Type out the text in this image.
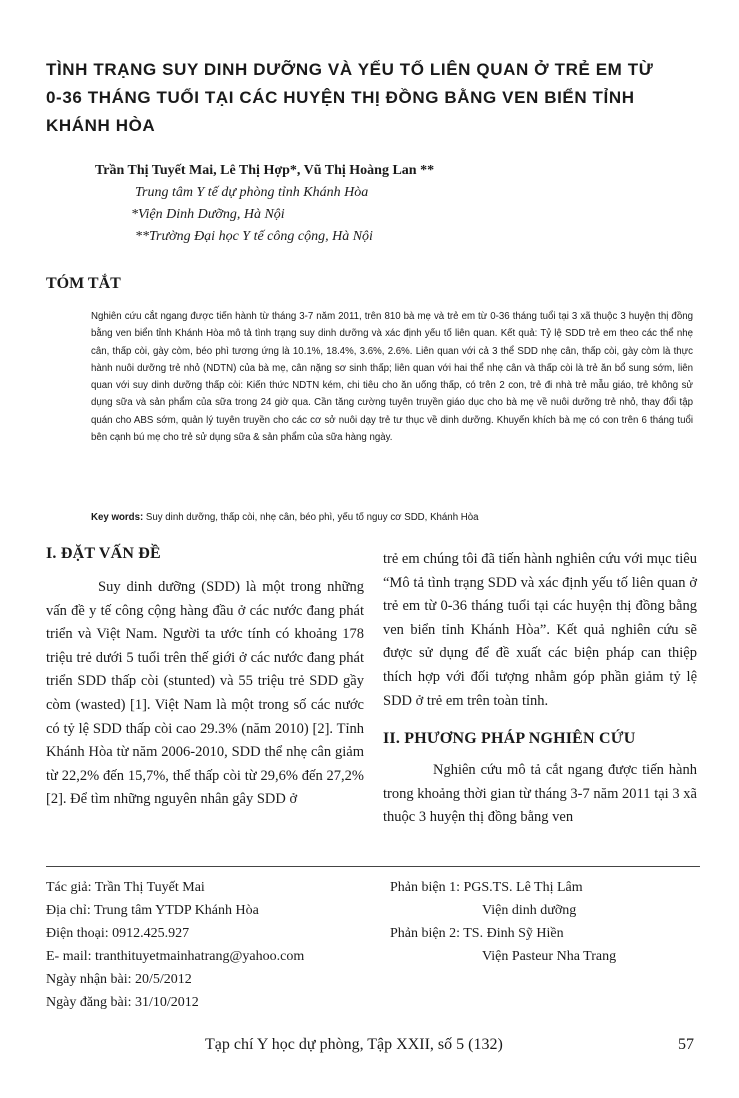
TÌNH TRẠNG SUY DINH DƯỠNG VÀ YẾU TỐ LIÊN QUAN Ở TRẺ EM TỪ
0-36 THÁNG TUỔI TẠI CÁC HUYỆN THỊ ĐỒNG BẰNG VEN BIỂN TỈNH
KHÁNH HÒA
Trần Thị Tuyết Mai, Lê Thị Hợp*, Vũ Thị Hoàng Lan **
Trung tâm Y tế dự phòng tỉnh Khánh Hòa
*Viện Dinh Dưỡng, Hà Nội
**Trường Đại học Y tế công cộng, Hà Nội
TÓM TẮT

Nghiên cứu cắt ngang được tiến hành từ tháng 3-7 năm 2011, trên 810 bà mẹ và trẻ em từ 0-36 tháng tuổi tại 3 xã thuộc 3 huyện thị đồng bằng ven biển tỉnh Khánh Hòa mô tả tình trạng suy dinh dưỡng và xác định yếu tố liên quan. Kết quả: Tỷ lệ SDD trẻ em theo các thể nhẹ cân, thấp còi, gày còm, béo phì tương ứng là 10.1%, 18.4%, 3.6%, 2.6%. Liên quan với cả 3 thể SDD nhẹ cân, thấp còi, gày còm là thực hành nuôi dưỡng trẻ nhỏ (NDTN) của bà mẹ, cân nặng sơ sinh thấp; liên quan với hai thể nhẹ cân và thấp còi là trẻ ăn bổ sung sớm, liên quan với suy dinh dưỡng thấp còi: Kiến thức NDTN kém, chi tiêu cho ăn uống thấp, có trên 2 con, trẻ đi nhà trẻ mẫu giáo, trẻ không sử dụng sữa và sản phẩm của sữa trong 24 giờ qua. Cần tăng cường tuyên truyền giáo dục cho bà mẹ về nuôi dưỡng trẻ nhỏ, thay đổi tập quán cho ABS sớm, quản lý tuyên truyền cho các cơ sở nuôi dạy trẻ tư thục về dinh dưỡng. Khuyến khích bà mẹ có con trên 6 tháng tuổi bên cạnh bú mẹ cho trẻ sử dụng sữa & sản phẩm của sữa hàng ngày.

Key words: Suy dinh dưỡng, thấp còi, nhẹ cân, béo phì, yếu tố nguy cơ SDD, Khánh Hòa
I. ĐẶT VẤN ĐỀ

Suy dinh dưỡng (SDD) là một trong những vấn đề y tế công cộng hàng đầu ở các nước đang phát triển và Việt Nam. Người ta ước tính có khoảng 178 triệu trẻ dưới 5 tuổi trên thế giới ở các nước đang phát triển SDD thấp còi (stunted) và 55 triệu trẻ SDD gầy còm (wasted) [1]. Việt Nam là một trong số các nước có tỷ lệ SDD thấp còi cao 29.3% (năm 2010) [2]. Tỉnh Khánh Hòa từ năm 2006-2010, SDD thể nhẹ cân giảm từ 22,2% đến 15,7%, thể thấp còi từ 29,6% đến 27,2% [2]. Để tìm những nguyên nhân gây SDD ở

trẻ em chúng tôi đã tiến hành nghiên cứu với mục tiêu “Mô tả tình trạng SDD và xác định yếu tố liên quan ở trẻ em từ 0-36 tháng tuổi tại các huyện thị đồng bằng ven biển tỉnh Khánh Hòa”. Kết quả nghiên cứu sẽ được sử dụng để đề xuất các biện pháp can thiệp thích hợp với đối tượng nhằm góp phần giảm tỷ lệ SDD ở trẻ em trên toàn tỉnh.

II. PHƯƠNG PHÁP NGHIÊN CỨU

Nghiên cứu mô tả cắt ngang được tiến hành trong khoảng thời gian từ tháng 3-7 năm 2011 tại 3 xã thuộc 3 huyện thị đồng bằng ven

Tác giả: Trần Thị Tuyết Mai
Địa chỉ: Trung tâm YTDP Khánh Hòa
Điện thoại: 0912.425.927
E- mail: tranthituyetmainhatrang@yahoo.com
Ngày nhận bài: 20/5/2012
Ngày đăng bài: 31/10/2012
Phản biện 1: PGS.TS. Lê Thị Lâm
Viện dinh dưỡng
Phản biện 2: TS. Đinh Sỹ Hiền
Viện Pasteur Nha Trang
Tạp chí Y học dự phòng, Tập XXII, số 5 (132)	57
